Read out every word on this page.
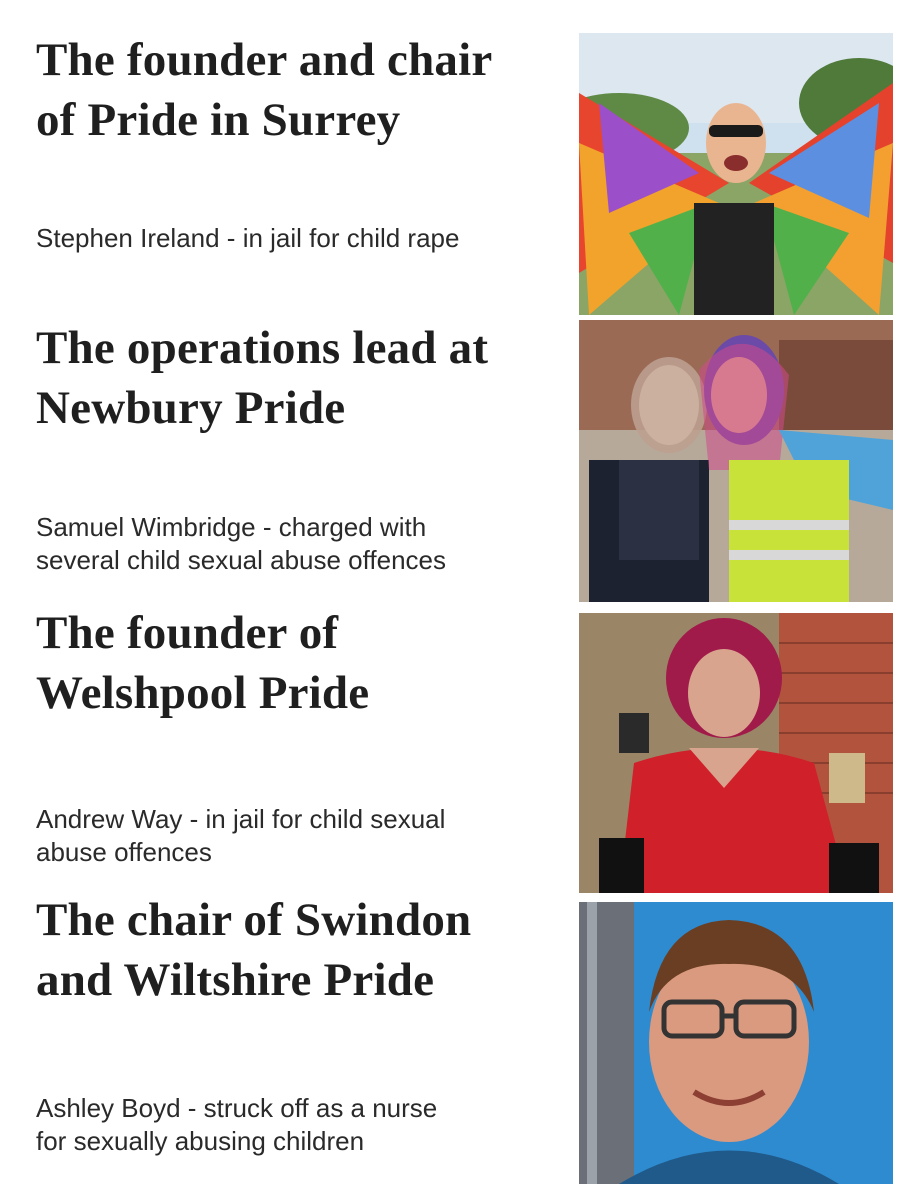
The founder and chair
of Pride in Surrey

Stephen Ireland - in jail for child rape

The operations lead at
Newbury Pride

Samuel Wimbridge - charged with
several child sexual abuse offences

The founder of
Welshpool Pride

Andrew Way - in jail for child sexual
abuse offences

The chair of Swindon
and Wiltshire Pride

Ashley Boyd - struck off as a nurse
for sexually abusing children
